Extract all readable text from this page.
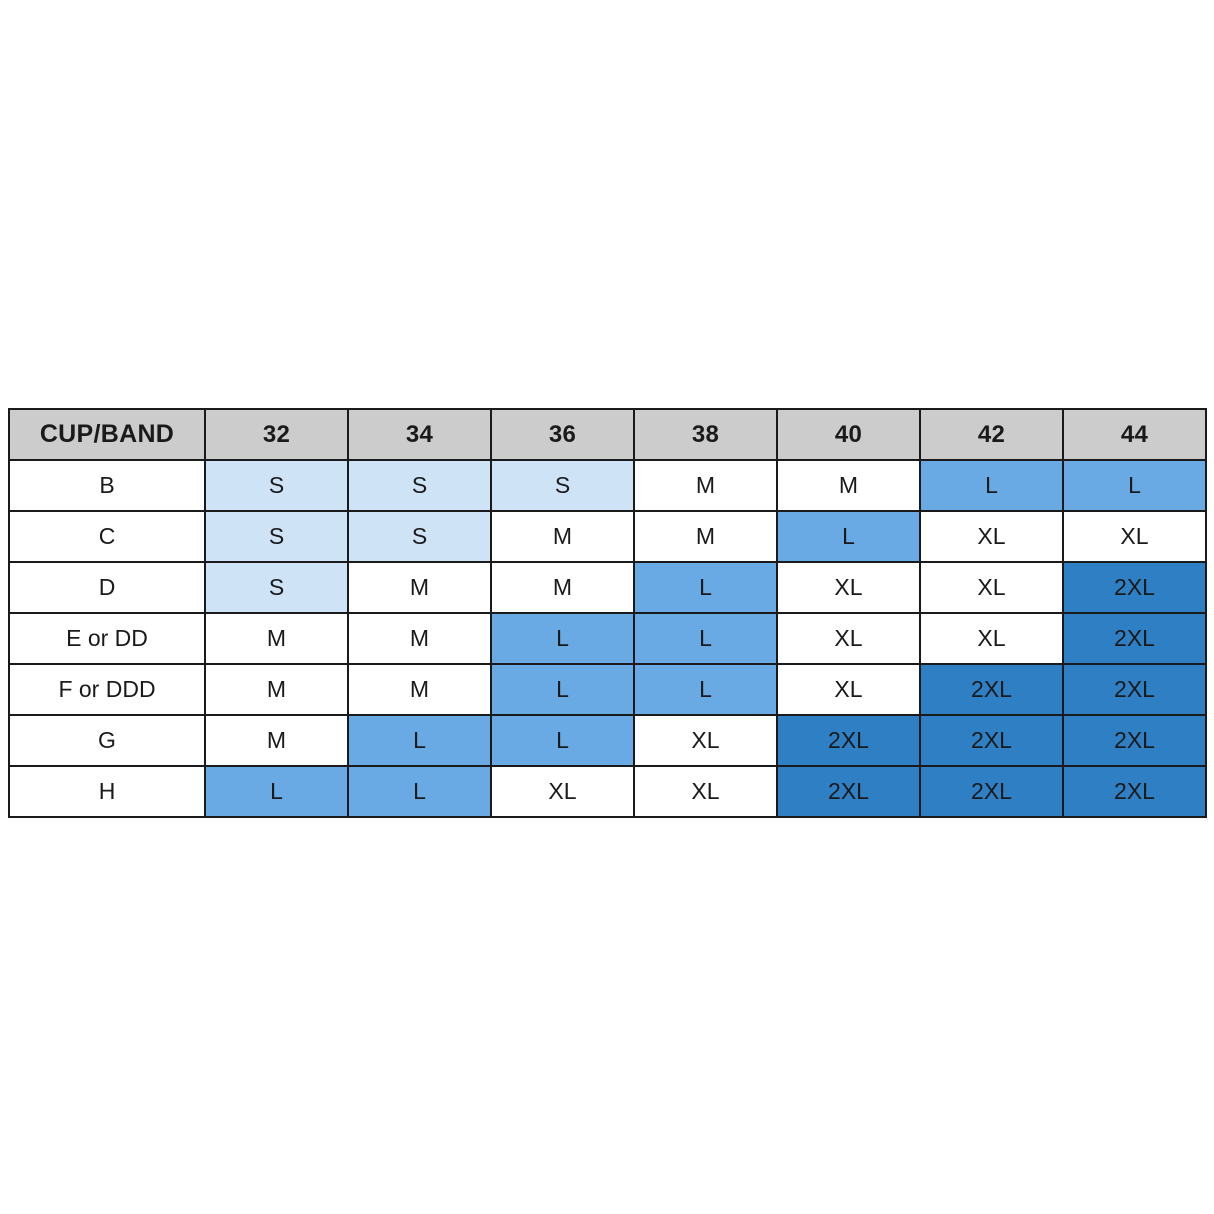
CUP/BAND	32	34	36	38	40	42	44
B	S	S	S	M	M	L	L
C	S	S	M	M	L	XL	XL
D	S	M	M	L	XL	XL	2XL
E or DD	M	M	L	L	XL	XL	2XL
F or DDD	M	M	L	L	XL	2XL	2XL
G	M	L	L	XL	2XL	2XL	2XL
H	L	L	XL	XL	2XL	2XL	2XL
